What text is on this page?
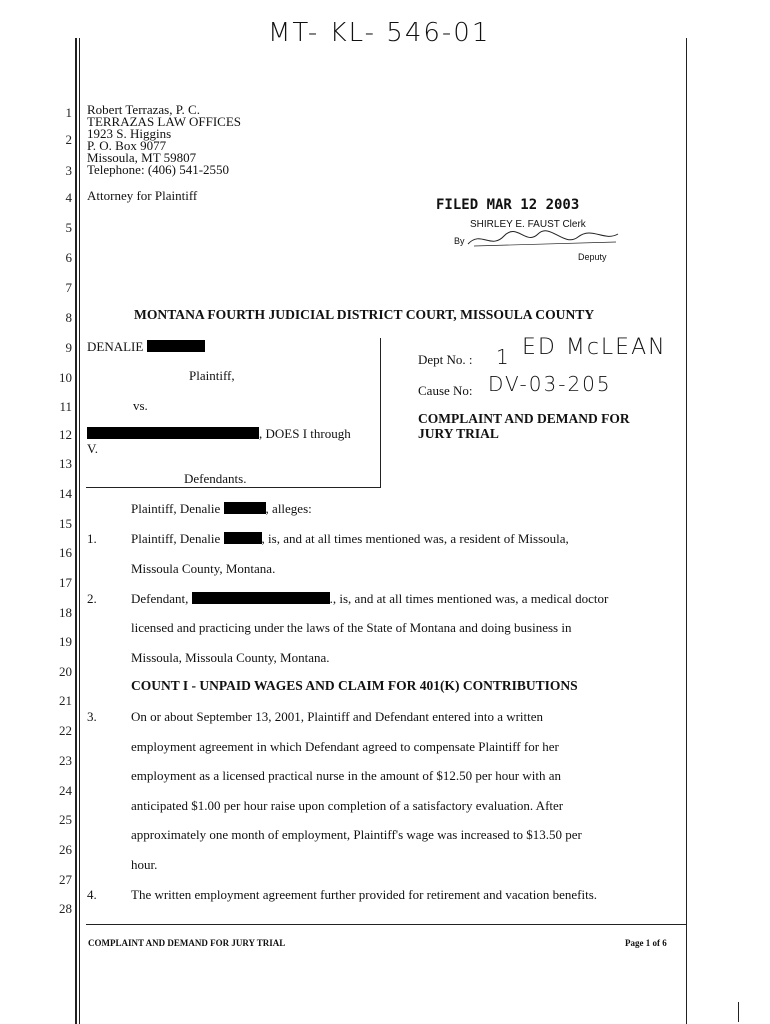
MT- KL- 546-01
1
2
3
4
5
6
7
8
9
10
11
12
13
14
15
16
17
18
19
20
21
22
23
24
25
26
27
28
Robert Terrazas, P. C.
TERRAZAS LAW OFFICES
1923 S. Higgins
P. O. Box 9077
Missoula, MT 59807
Telephone: (406) 541-2550
Attorney for Plaintiff
FILED MAR 12 2003
SHIRLEY E. FAUST Clerk
By
Deputy
MONTANA FOURTH JUDICIAL DISTRICT COURT, MISSOULA COUNTY
DENALIE
Plaintiff,
vs.
, DOES I through
V.
Defendants.
Dept No. : 1 ED McLEAN
Cause No: DV-03-205
COMPLAINT AND DEMAND FOR
JURY TRIAL
Plaintiff, Denalie	, alleges:
1.	Plaintiff, Denalie	, is, and at all times mentioned was, a resident of Missoula,
Missoula County, Montana.
2.	Defendant,	., is, and at all times mentioned was, a medical doctor
licensed and practicing under the laws of the State of Montana and doing business in
Missoula, Missoula County, Montana.
COUNT I - UNPAID WAGES AND CLAIM FOR 401(K) CONTRIBUTIONS
3.	On or about September 13, 2001, Plaintiff and Defendant entered into a written
employment agreement in which Defendant agreed to compensate Plaintiff for her
employment as a licensed practical nurse in the amount of $12.50 per hour with an
anticipated $1.00 per hour raise upon completion of a satisfactory evaluation. After
approximately one month of employment, Plaintiff's wage was increased to $13.50 per
hour.
4.	The written employment agreement further provided for retirement and vacation benefits.
COMPLAINT AND DEMAND FOR JURY TRIAL	Page 1 of 6
